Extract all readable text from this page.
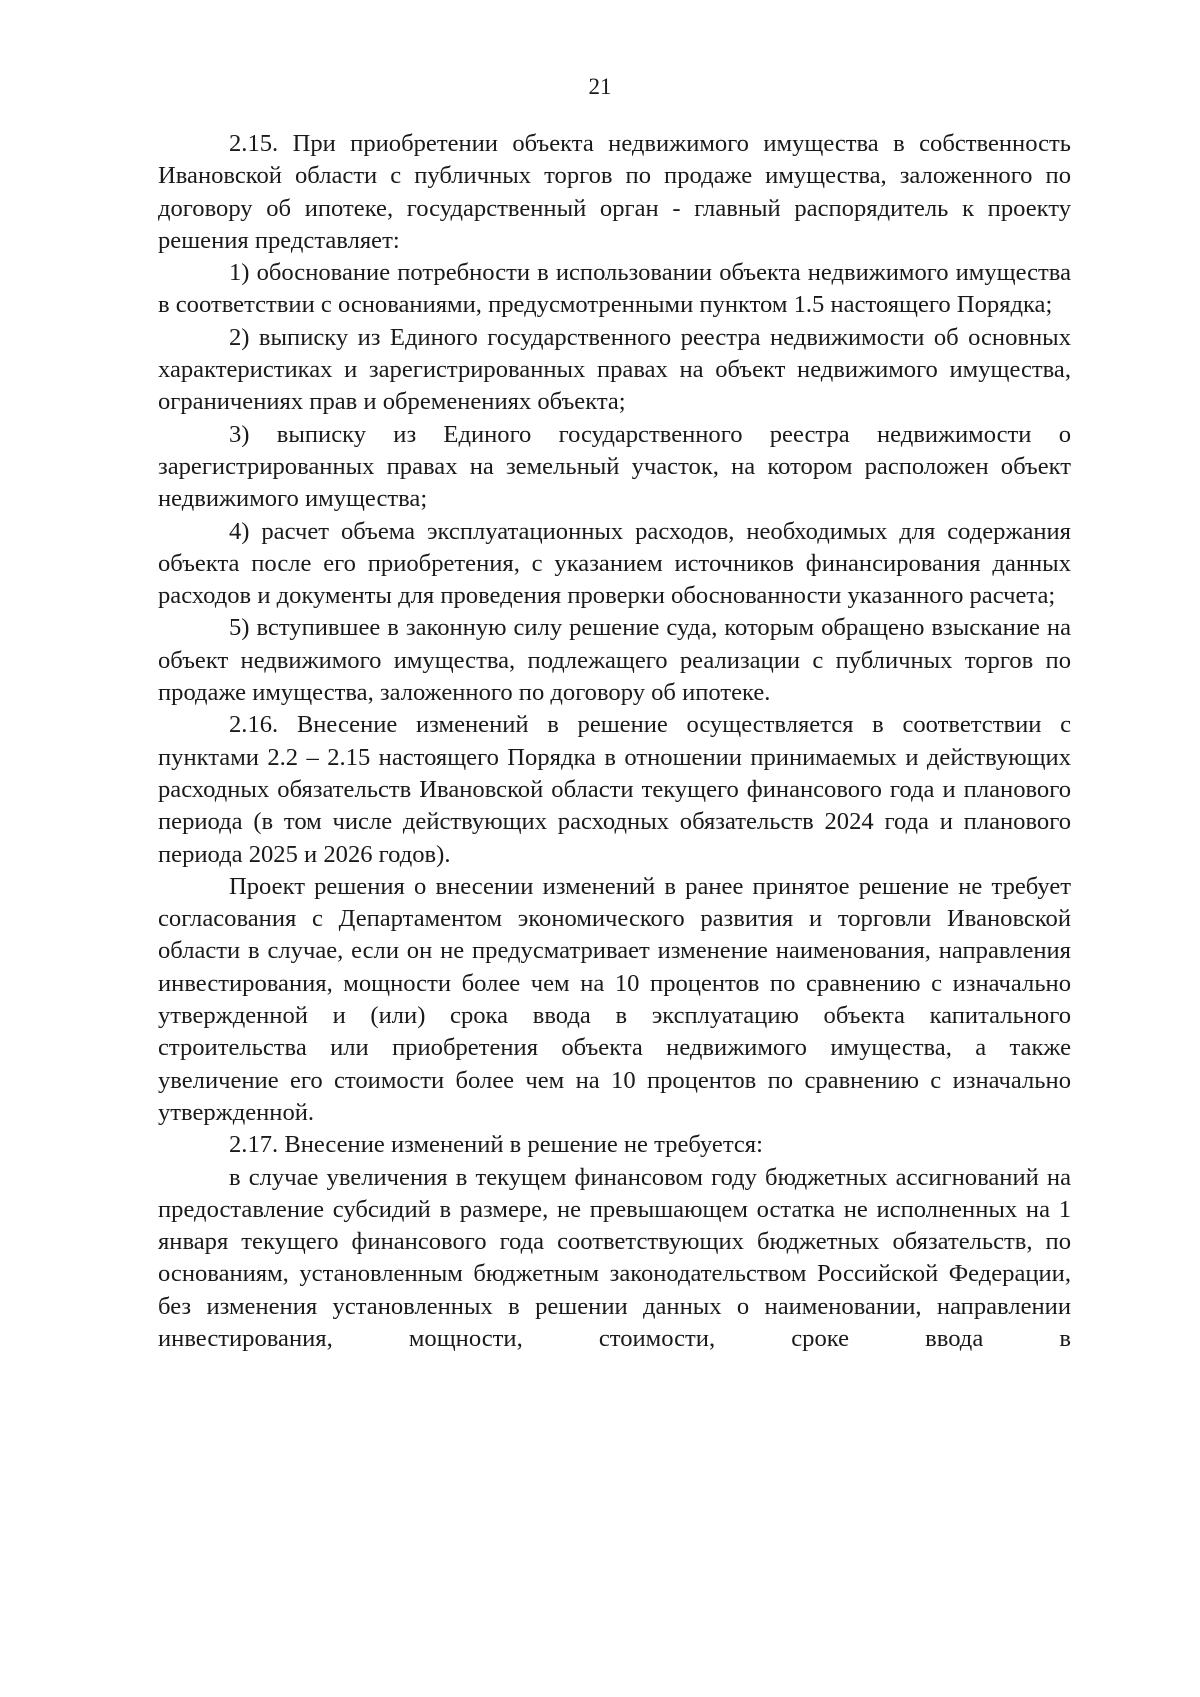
21

2.15. При приобретении объекта недвижимого имущества в собственность Ивановской области с публичных торгов по продаже имущества, заложенного по договору об ипотеке, государственный орган - главный распорядитель к проекту решения представляет:

1) обоснование потребности в использовании объекта недвижимого имущества в соответствии с основаниями, предусмотренными пунктом 1.5 настоящего Порядка;

2) выписку из Единого государственного реестра недвижимости об основных характеристиках и зарегистрированных правах на объект недвижимого имущества, ограничениях прав и обременениях объекта;

3) выписку из Единого государственного реестра недвижимости о зарегистрированных правах на земельный участок, на котором расположен объект недвижимого имущества;

4) расчет объема эксплуатационных расходов, необходимых для содержания объекта после его приобретения, с указанием источников финансирования данных расходов и документы для проведения проверки обоснованности указанного расчета;

5) вступившее в законную силу решение суда, которым обращено взыскание на объект недвижимого имущества, подлежащего реализации с публичных торгов по продаже имущества, заложенного по договору об ипотеке.

2.16. Внесение изменений в решение осуществляется в соответствии с пунктами 2.2 – 2.15 настоящего Порядка в отношении принимаемых и действующих расходных обязательств Ивановской области текущего финансового года и планового периода (в том числе действующих расходных обязательств 2024 года и планового периода 2025 и 2026 годов).

Проект решения о внесении изменений в ранее принятое решение не требует согласования с Департаментом экономического развития и торговли Ивановской области в случае, если он не предусматривает изменение наименования, направления инвестирования, мощности более чем на 10 процентов по сравнению с изначально утвержденной и (или) срока ввода в эксплуатацию объекта капитального строительства или приобретения объекта недвижимого имущества, а также увеличение его стоимости более чем на 10 процентов по сравнению с изначально утвержденной.

2.17. Внесение изменений в решение не требуется:

в случае увеличения в текущем финансовом году бюджетных ассигнований на предоставление субсидий в размере, не превышающем остатка не исполненных на 1 января текущего финансового года соответствующих бюджетных обязательств, по основаниям, установленным бюджетным законодательством Российской Федерации, без изменения установленных в решении данных о наименовании, направлении инвестирования, мощности, стоимости, сроке ввода в
